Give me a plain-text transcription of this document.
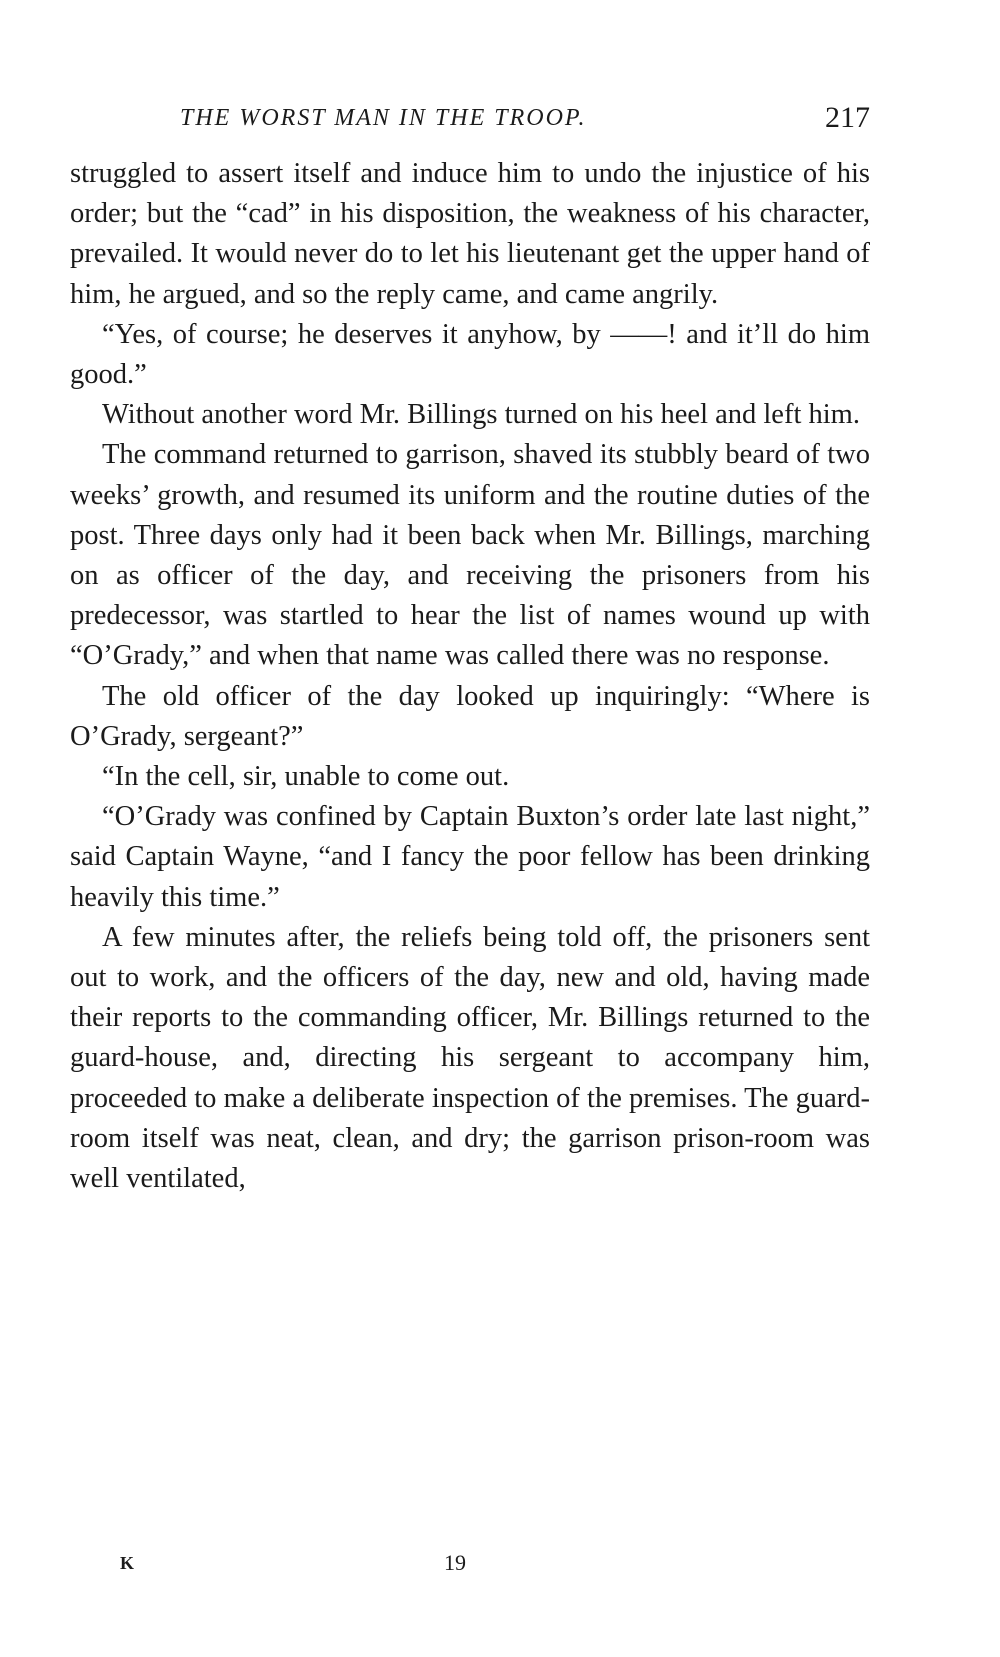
THE WORST MAN IN THE TROOP.	217

struggled to assert itself and induce him to undo the injustice of his order; but the “cad” in his disposition, the weakness of his character, prevailed. It would never do to let his lieutenant get the upper hand of him, he argued, and so the reply came, and came angrily.

“Yes, of course; he deserves it anyhow, by ——! and it’ll do him good.”

Without another word Mr. Billings turned on his heel and left him.

The command returned to garrison, shaved its stubbly beard of two weeks’ growth, and resumed its uniform and the routine duties of the post. Three days only had it been back when Mr. Billings, marching on as officer of the day, and receiving the prisoners from his predecessor, was startled to hear the list of names wound up with “O’Grady,” and when that name was called there was no response.

The old officer of the day looked up inquiringly: “Where is O’Grady, sergeant?”

“In the cell, sir, unable to come out.

“O’Grady was confined by Captain Buxton’s order late last night,” said Captain Wayne, “and I fancy the poor fellow has been drinking heavily this time.”

A few minutes after, the reliefs being told off, the prisoners sent out to work, and the officers of the day, new and old, having made their reports to the commanding officer, Mr. Billings returned to the guard-house, and, directing his sergeant to accompany him, proceeded to make a deliberate inspection of the premises. The guard-room itself was neat, clean, and dry; the garrison prison-room was well ventilated,

K	19
